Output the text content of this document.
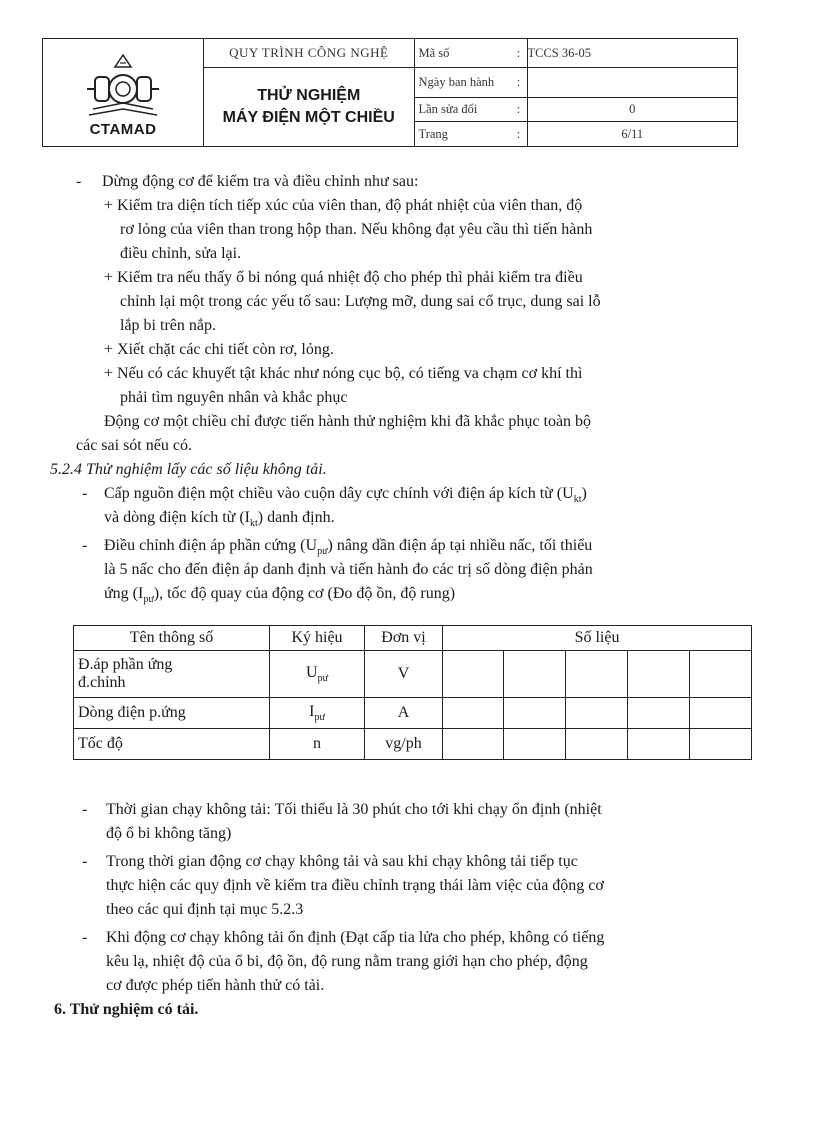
CTAMAD	QUY TRÌNH CÔNG NGHỆ	Mã số	:	TCCS 36-05

	THỬ NGHIỆM
MÁY ĐIỆN MỘT CHIỀU	Ngày ban hành	:	
		Lần sửa đổi	:	0
		Trang	:	6/11
- Dừng động cơ để kiểm tra và điều chỉnh như sau:
+ Kiểm tra diện tích tiếp xúc của viên than, độ phát nhiệt của viên than, độ
rơ lỏng của viên than trong hộp than. Nếu không đạt yêu cầu thì tiến hành
điều chỉnh, sửa lại.
+ Kiểm tra nếu thấy ổ bi nóng quá nhiệt độ cho phép thì phải kiểm tra điều
chỉnh lại một trong các yếu tố sau: Lượng mỡ, dung sai cổ trục, dung sai lỗ
lắp bi trên nắp.
+ Xiết chặt các chi tiết còn rơ, lỏng.
+ Nếu có các khuyết tật khác như nóng cục bộ, có tiếng va chạm cơ khí thì
phải tìm nguyên nhân và khắc phục
Động cơ một chiều chỉ được tiến hành thử nghiệm khi đã khắc phục toàn bộ
các sai sót nếu có.
5.2.4 Thử nghiệm lấy các số liệu không tải.
- Cấp nguồn điện một chiều vào cuộn dây cực chính với điện áp kích từ $(U_{kt})$
và dòng điện kích từ $(I_{kt})$ danh định.
- Điều chỉnh điện áp phần cứng $(U_{pư})$ nâng dần điện áp tại nhiều nấc, tối thiểu
là 5 nấc cho đến điện áp danh định và tiến hành đo các trị số dòng điện phản
ứng $(I_{pư})$, tốc độ quay của động cơ (Đo độ ồn, độ rung)
Tên thông số	Ký hiệu	Đơn vị	Số liệu				

Đ.áp phần ứng
đ.chỉnh	$U_{pư}$	V					
Dòng điện p.ứng	$I_{pư}$	A					
Tốc độ	n	vg/ph					
- Thời gian chạy không tải: Tối thiểu là 30 phút cho tới khi chạy ổn định (nhiệt
độ ổ bi không tăng)
- Trong thời gian động cơ chạy không tải và sau khi chạy không tải tiếp tục
thực hiện các quy định về kiểm tra điều chỉnh trạng thái làm việc của động cơ
theo các qui định tại mục 5.2.3
- Khi động cơ chạy không tải ổn định (Đạt cấp tia lửa cho phép, không có tiếng
kêu lạ, nhiệt độ của ổ bi, độ ồn, độ rung nằm trang giới hạn cho phép, động
cơ được phép tiến hành thử có tải.
6. Thử nghiệm có tải.
